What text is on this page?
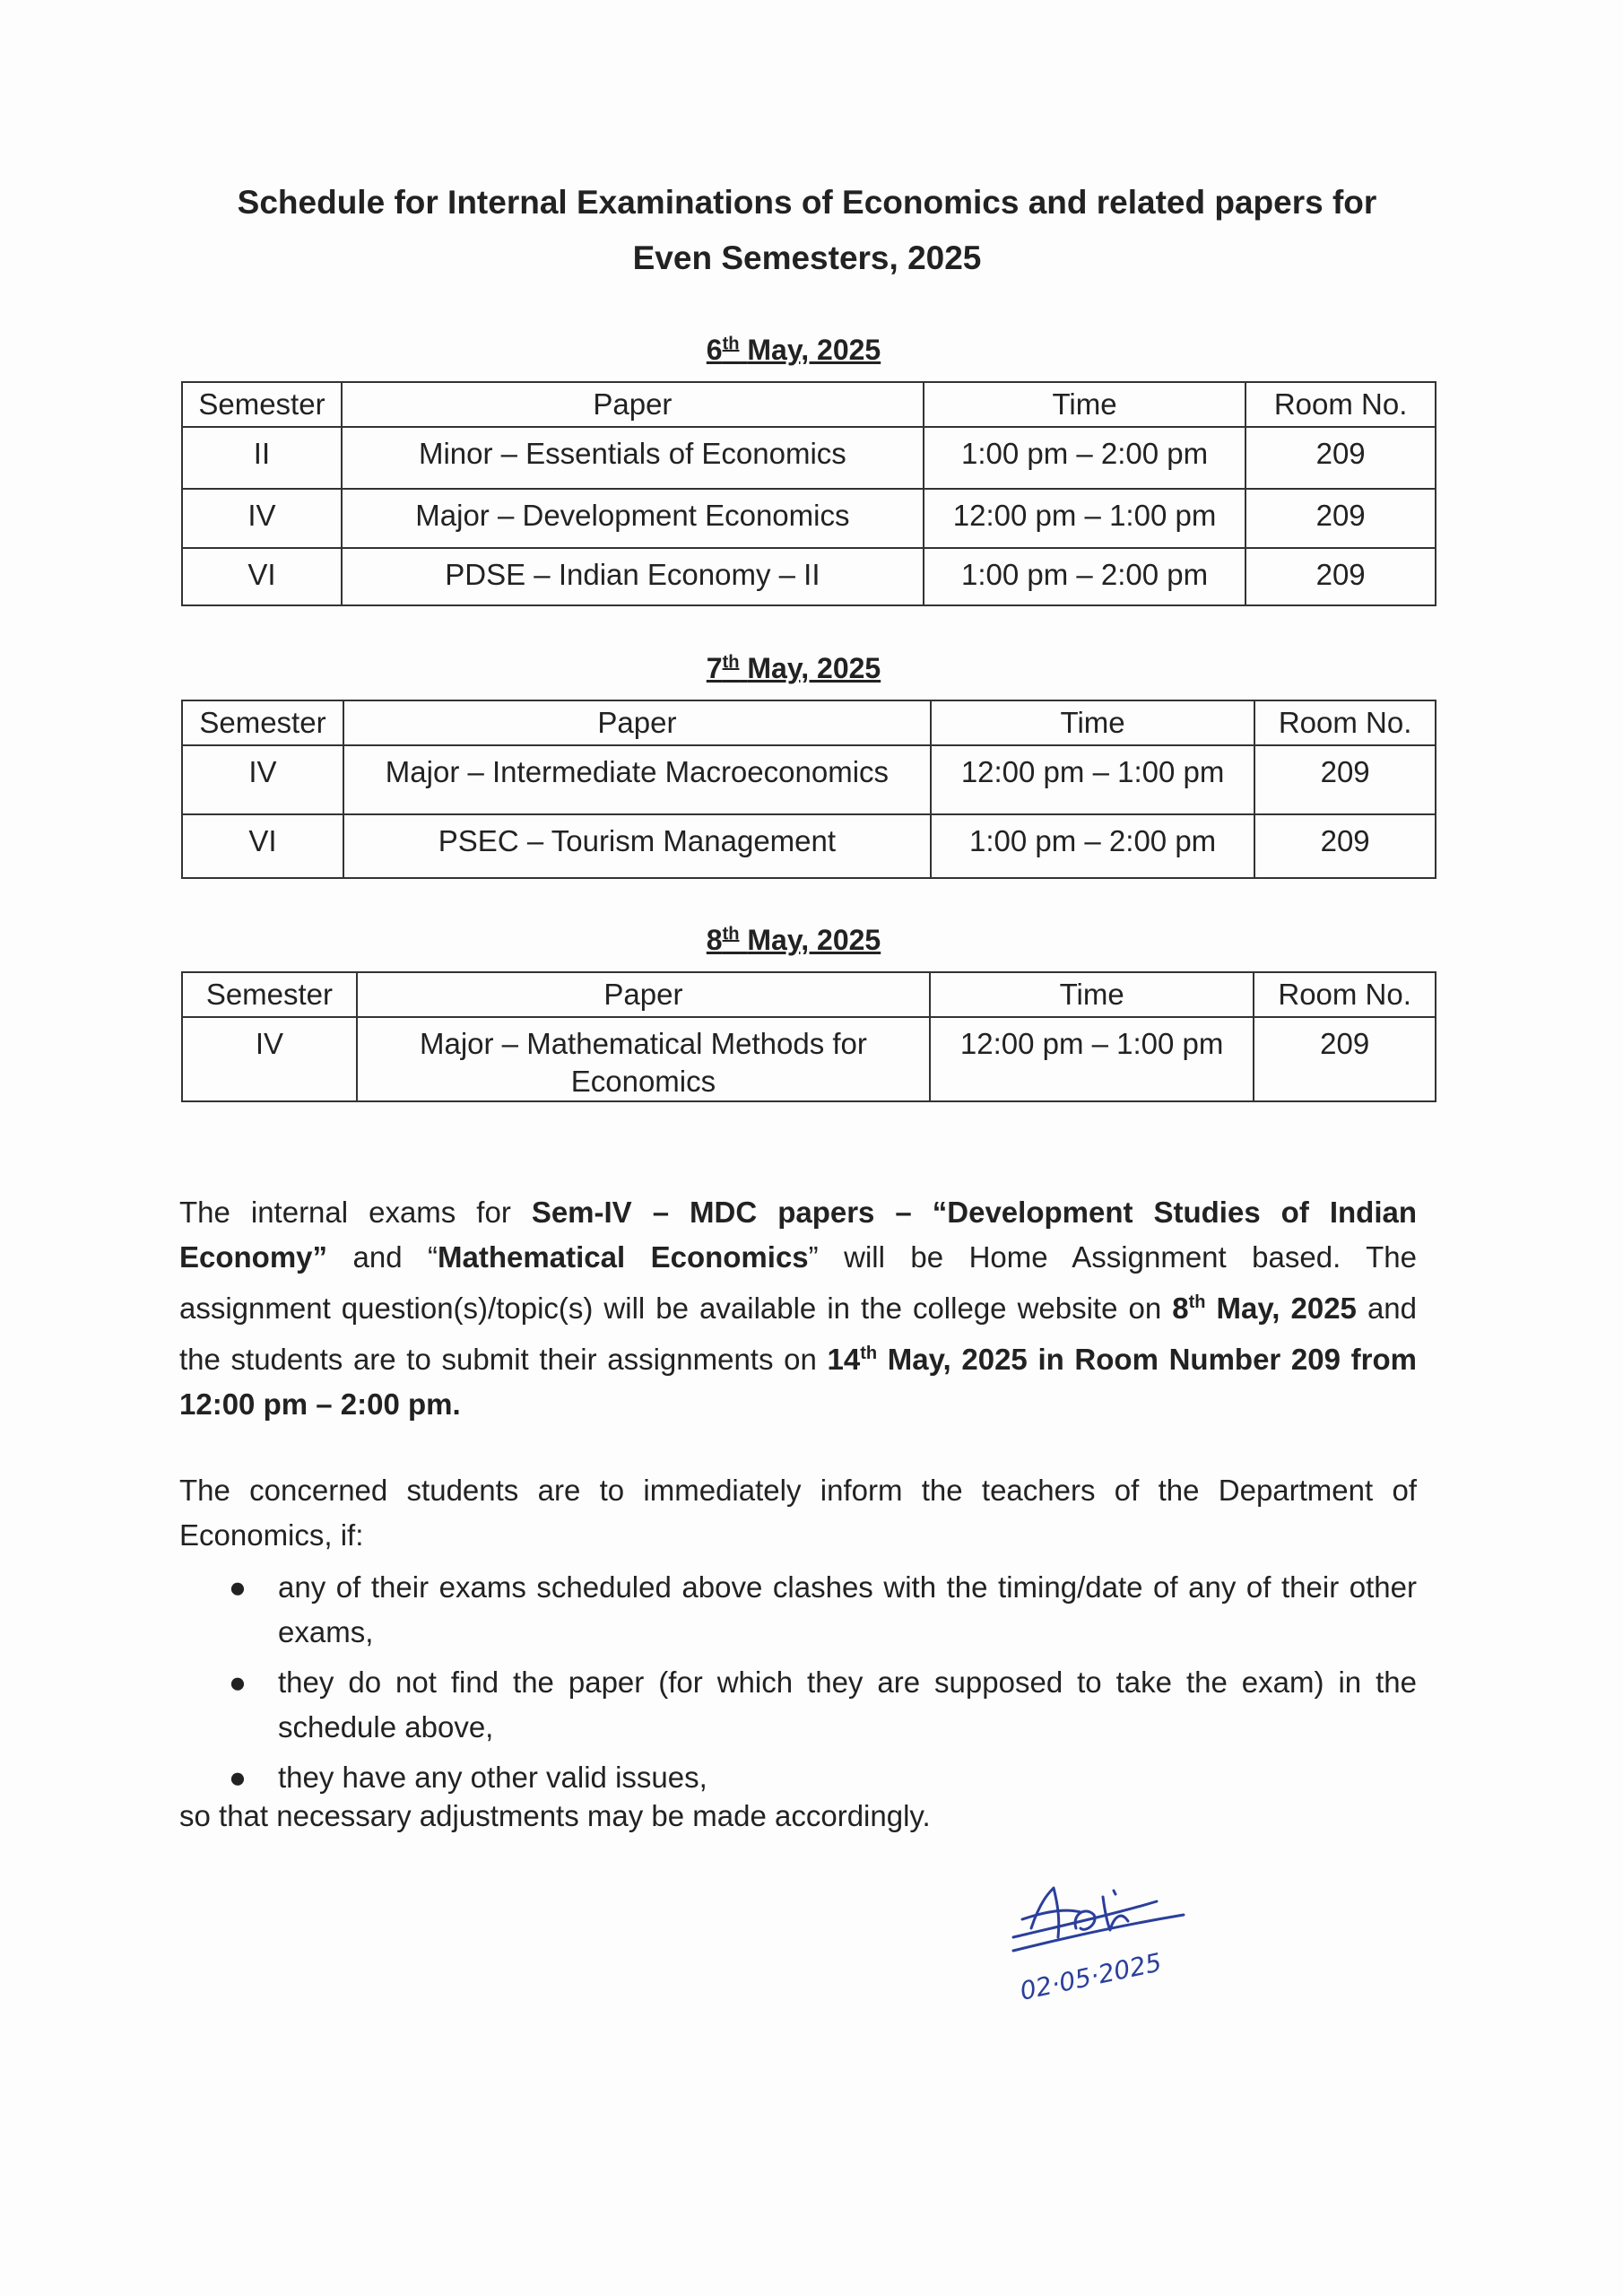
Schedule for Internal Examinations of Economics and related papers for
Even Semesters, 2025
6th May, 2025
Semester	Paper	Time	Room No.
II	Minor – Essentials of Economics	1:00 pm – 2:00 pm	209
IV	Major – Development Economics	12:00 pm – 1:00 pm	209
VI	PDSE – Indian Economy – II	1:00 pm – 2:00 pm	209
7th May, 2025
Semester	Paper	Time	Room No.
IV	Major – Intermediate Macroeconomics	12:00 pm – 1:00 pm	209
VI	PSEC – Tourism Management	1:00 pm – 2:00 pm	209
8th May, 2025
Semester	Paper	Time	Room No.
IV	Major – Mathematical Methods for Economics	12:00 pm – 1:00 pm	209
The internal exams for Sem-IV – MDC papers – “Development Studies of Indian Economy” and “Mathematical Economics” will be Home Assignment based. The assignment question(s)/topic(s) will be available in the college website on 8th May, 2025 and the students are to submit their assignments on 14th May, 2025 in Room Number 209 from 12:00 pm – 2:00 pm.
The concerned students are to immediately inform the teachers of the Department of Economics, if:
● any of their exams scheduled above clashes with the timing/date of any of their other exams,
● they do not find the paper (for which they are supposed to take the exam) in the schedule above,
● they have any other valid issues,
so that necessary adjustments may be made accordingly.
02·05·2025
